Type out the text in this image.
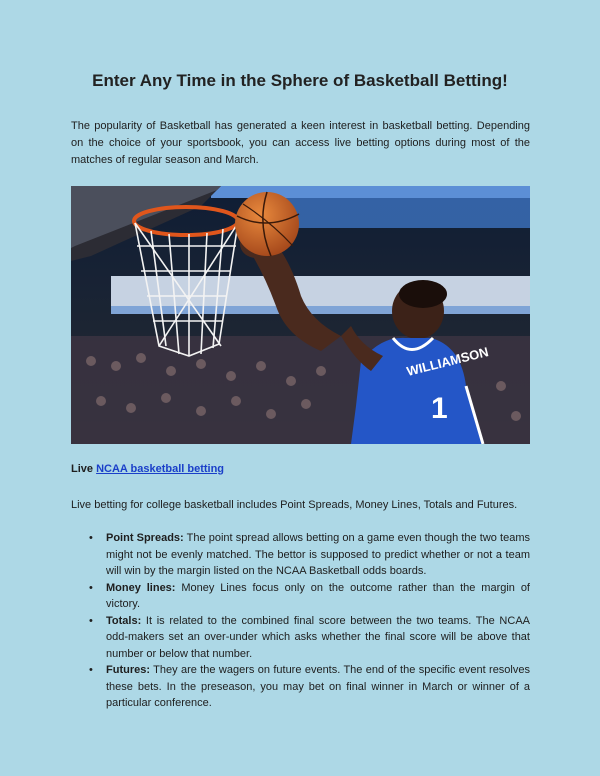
Enter Any Time in the Sphere of Basketball Betting!

The popularity of Basketball has generated a keen interest in basketball betting. Depending on the choice of your sportsbook, you can access live betting options during most of the matches of regular season and March.

WILLIAMSON
1

Live NCAA basketball betting

Live betting for college basketball includes Point Spreads, Money Lines, Totals and Futures.

• Point Spreads: The point spread allows betting on a game even though the two teams might not be evenly matched. The bettor is supposed to predict whether or not a team will win by the margin listed on the NCAA Basketball odds boards.
• Money lines: Money Lines focus only on the outcome rather than the margin of victory.
• Totals: It is related to the combined final score between the two teams. The NCAA odd-makers set an over-under which asks whether the final score will be above that number or below that number.
• Futures: They are the wagers on future events. The end of the specific event resolves these bets. In the preseason, you may bet on final winner in March or winner of a particular conference.
